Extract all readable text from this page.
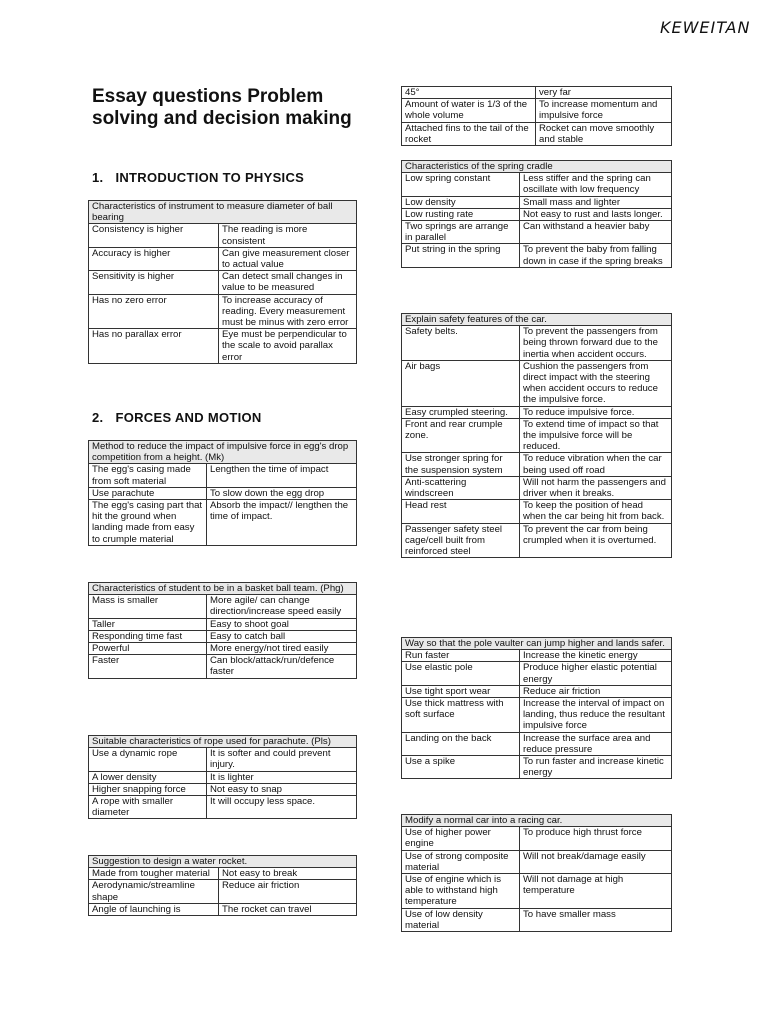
KEWEITAN
Essay questions Problem solving and decision making
1. INTRODUCTION TO PHYSICS
Characteristics of instrument to measure diameter of ball bearing	
Consistency is higher	The reading is more consistent
Accuracy is higher	Can give measurement closer to actual value
Sensitivity is higher	Can detect small changes in value to be measured
Has no zero error	To increase accuracy of reading. Every measurement must be minus with zero error
Has no parallax error	Eye must be perpendicular to the scale to avoid parallax error
2. FORCES AND MOTION
Method to reduce the impact of impulsive force in egg's drop competition from a height. (Mk)	
The egg's casing made from soft material	Lengthen the time of impact
Use parachute	To slow down the egg drop
The egg's casing part that hit the ground when landing made from easy to crumple material	Absorb the impact// lengthen the time of impact.
Characteristics of student to be in a basket ball team. (Phg)	
Mass is smaller	More agile/ can change direction/increase speed easily
Taller	Easy to shoot goal
Responding time fast	Easy to catch ball
Powerful	More energy/not tired easily
Faster	Can block/attack/run/defence faster
Suitable characteristics of rope used for parachute. (Pls)	
Use a dynamic rope	It is softer and could prevent injury.
A lower density	It is lighter
Higher snapping force	Not easy to snap
A rope with smaller diameter	It will occupy less space.
Suggestion to design a water rocket.	
Made from tougher material	Not easy to break
Aerodynamic/streamline shape	Reduce air friction
Angle of launching is	The rocket can travel
45°	very far
Amount of water is 1/3 of the whole volume	To increase momentum and impulsive force
Attached fins to the tail of the rocket	Rocket can move smoothly and stable
Characteristics of the spring cradle	
Low spring constant	Less stiffer and the spring can oscillate with low frequency
Low density	Small mass and lighter
Low rusting rate	Not easy to rust and lasts longer.
Two springs are arrange in parallel	Can withstand a heavier baby
Put string in the spring	To prevent the baby from falling down in case if the spring breaks
Explain safety features of the car.	
Safety belts.	To prevent the passengers from being thrown forward due to the inertia when accident occurs.
Air bags	Cushion the passengers from direct impact with the steering when accident occurs to reduce the impulsive force.
Easy crumpled steering.	To reduce impulsive force.
Front and rear crumple zone.	To extend time of impact so that the impulsive force will be reduced.
Use stronger spring for the suspension system	To reduce vibration when the car being used off road
Anti-scattering windscreen	Will not harm the passengers and driver when it breaks.
Head rest	To keep the position of head when the car being hit from back.
Passenger safety steel cage/cell built from reinforced steel	To prevent the car from being crumpled when it is overturned.
Way so that the pole vaulter can jump higher and lands safer.	
Run faster	Increase the kinetic energy
Use elastic pole	Produce higher elastic potential energy
Use tight sport wear	Reduce air friction
Use thick mattress with soft surface	Increase the interval of impact on landing, thus reduce the resultant impulsive force
Landing on the back	Increase the surface area and reduce pressure
Use a spike	To run faster and increase kinetic energy
Modify a normal car into a racing car.	
Use of higher power engine	To produce high thrust force
Use of strong composite material	Will not break/damage easily
Use of engine which is able to withstand high temperature	Will not damage at high temperature
Use of low density material	To have smaller mass
